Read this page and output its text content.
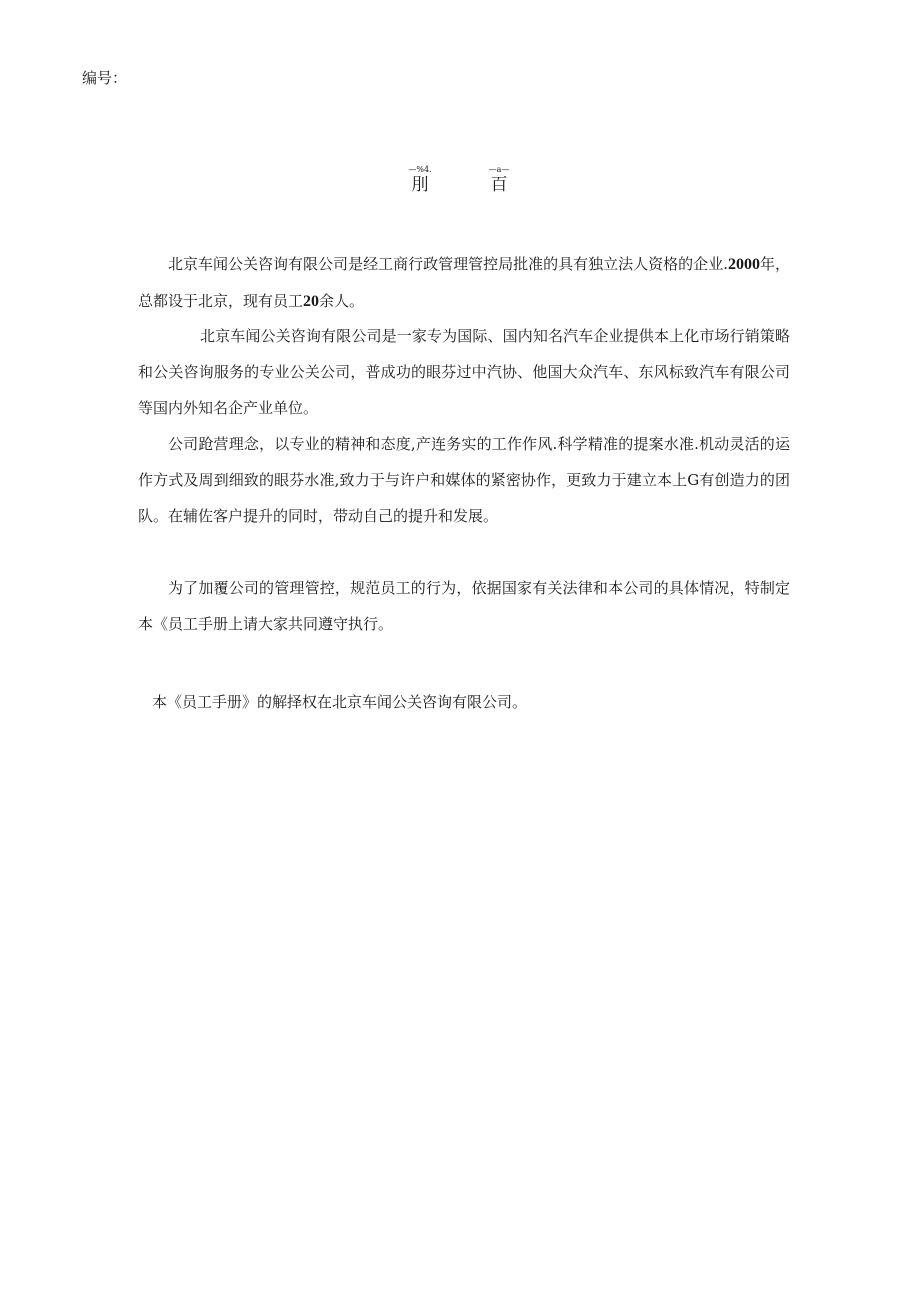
编号：
—%4.
刖
—a—
百

北京车闻公关咨询有限公司是经工商行政管理管控局批准的具有独立法人资格的企业.2000年，总都设于北京，现有员工20余人。

北京车闻公关咨询有限公司是一家专为国际、国内知名汽车企业提供本上化市场行销策略和公关咨询服务的专业公关公司，普成功的眼芬过中汽协、他国大众汽车、东风标致汽车有限公司等国内外知名企产业单位。

公司跄营理念，以专业的精神和态度,产连务实的工作作风.科学精准的提案水准.机动灵活的运作方式及周到细致的眼芬水准,致力于与许户和媒体的紧密协作，更致力于建立本上G有创造力的团队。在辅佐客户提升的同时，带动自己的提升和发展。

为了加覆公司的管理管控，规范员工的行为，依据国家有关法律和本公司的具体情况，特制定本《员工手册上请大家共同遵守执行。

本《员工手册》的解择权在北京车闻公关咨询有限公司。
